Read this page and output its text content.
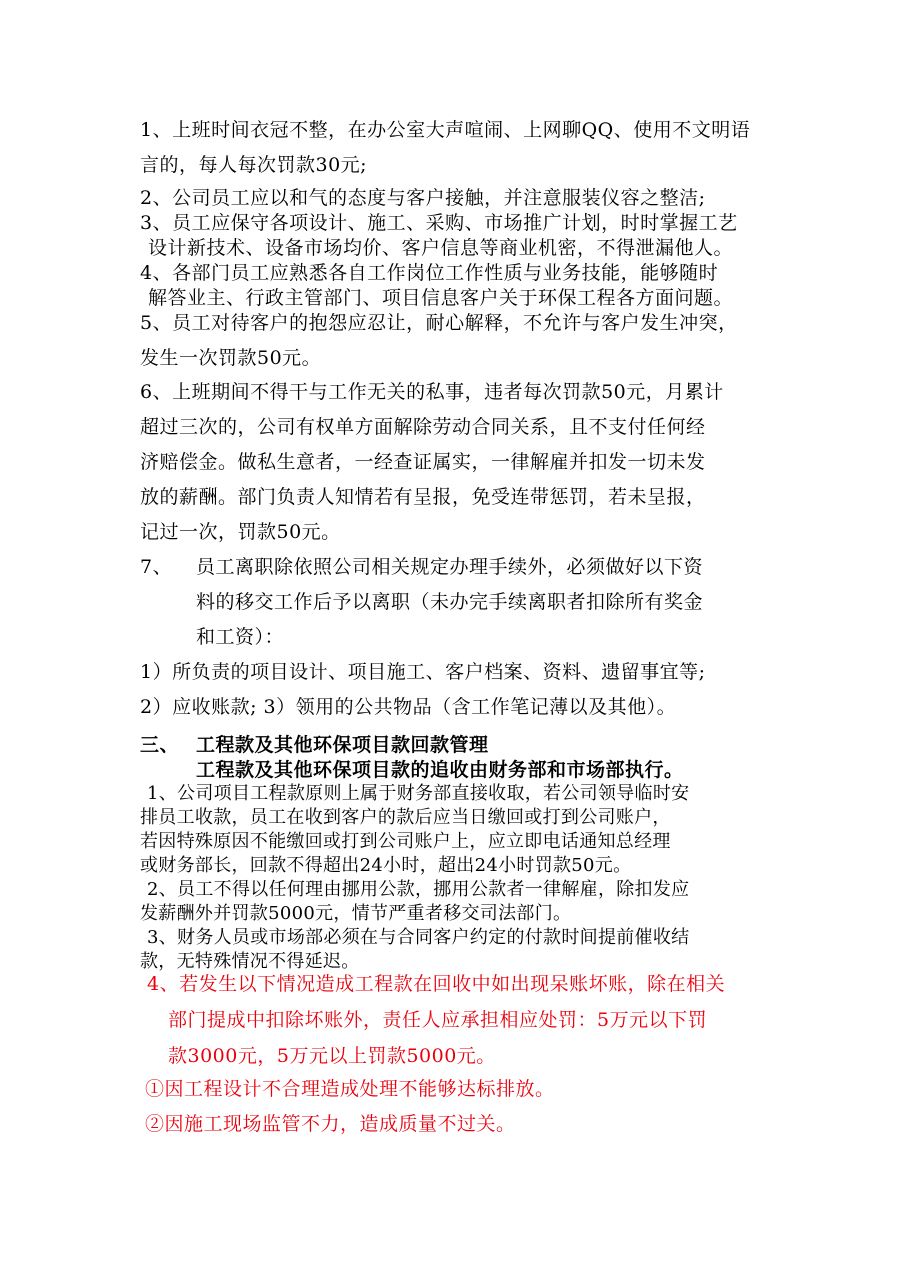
1、上班时间衣冠不整，在办公室大声喧闹、上网聊QQ、使用不文明语
言的，每人每次罚款30元;
2、公司员工应以和气的态度与客户接触，并注意服装仪容之整洁;
3、员工应保守各项设计、施工、采购、市场推广计划，时时掌握工艺
设计新技术、设备市场均价、客户信息等商业机密，不得泄漏他人。
4、各部门员工应熟悉各自工作岗位工作性质与业务技能，能够随时
解答业主、行政主管部门、项目信息客户关于环保工程各方面问题。
5、员工对待客户的抱怨应忍让，耐心解释，不允许与客户发生冲突，
发生一次罚款50元。
6、上班期间不得干与工作无关的私事，违者每次罚款50元，月累计
超过三次的，公司有权单方面解除劳动合同关系，且不支付任何经
济赔偿金。做私生意者，一经查证属实，一律解雇并扣发一切未发
放的薪酬。部门负责人知情若有呈报，免受连带惩罚，若未呈报，
记过一次，罚款50元。
7、 员工离职除依照公司相关规定办理手续外，必须做好以下资
料的移交工作后予以离职（未办完手续离职者扣除所有奖金
和工资）：
1）所负责的项目设计、项目施工、客户档案、资料、遗留事宜等;
2）应收账款; 3）领用的公共物品（含工作笔记薄以及其他）。
三、 工程款及其他环保项目款回款管理
工程款及其他环保项目款的追收由财务部和市场部执行。
1、公司项目工程款原则上属于财务部直接收取，若公司领导临时安
排员工收款，员工在收到客户的款后应当日缴回或打到公司账户，
若因特殊原因不能缴回或打到公司账户上，应立即电话通知总经理
或财务部长，回款不得超出24小时，超出24小时罚款50元。
2、员工不得以任何理由挪用公款，挪用公款者一律解雇，除扣发应
发薪酬外并罚款5000元，情节严重者移交司法部门。
3、财务人员或市场部必须在与合同客户约定的付款时间提前催收结
款，无特殊情况不得延迟。
4、若发生以下情况造成工程款在回收中如出现呆账坏账，除在相关
部门提成中扣除坏账外，责任人应承担相应处罚：5万元以下罚
款3000元，5万元以上罚款5000元。
①因工程设计不合理造成处理不能够达标排放。
②因施工现场监管不力，造成质量不过关。
